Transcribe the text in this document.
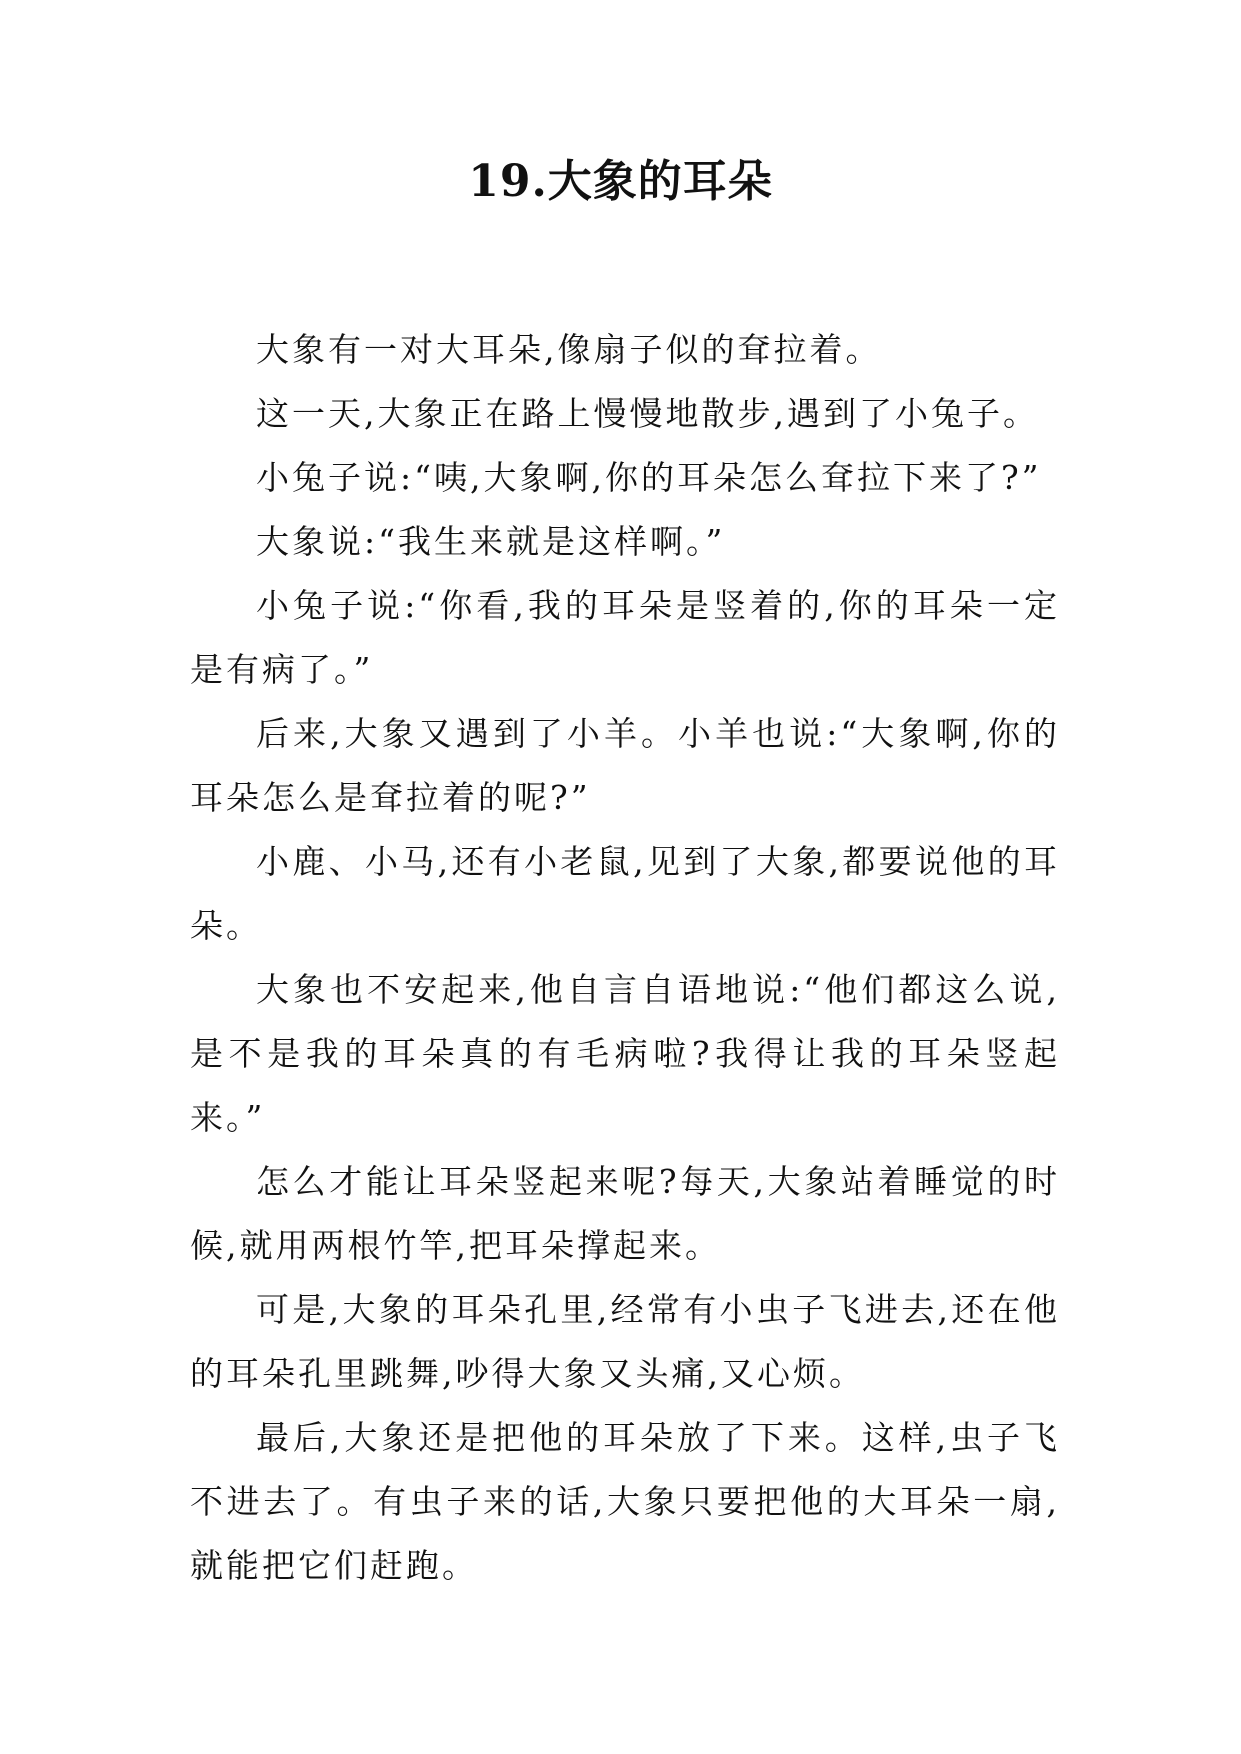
19.大象的耳朵

大象有一对大耳朵,像扇子似的耷拉着。

这一天,大象正在路上慢慢地散步,遇到了小兔子。

小兔子说:“咦,大象啊,你的耳朵怎么耷拉下来了?”

大象说:“我生来就是这样啊。”

小兔子说:“你看,我的耳朵是竖着的,你的耳朵一定是有病了。”

后来,大象又遇到了小羊。小羊也说:“大象啊,你的耳朵怎么是耷拉着的呢?”

小鹿、小马,还有小老鼠,见到了大象,都要说他的耳朵。

大象也不安起来,他自言自语地说:“他们都这么说,是不是我的耳朵真的有毛病啦?我得让我的耳朵竖起来。”

怎么才能让耳朵竖起来呢?每天,大象站着睡觉的时候,就用两根竹竿,把耳朵撑起来。

可是,大象的耳朵孔里,经常有小虫子飞进去,还在他的耳朵孔里跳舞,吵得大象又头痛,又心烦。

最后,大象还是把他的耳朵放了下来。这样,虫子飞不进去了。有虫子来的话,大象只要把他的大耳朵一扇,就能把它们赶跑。
